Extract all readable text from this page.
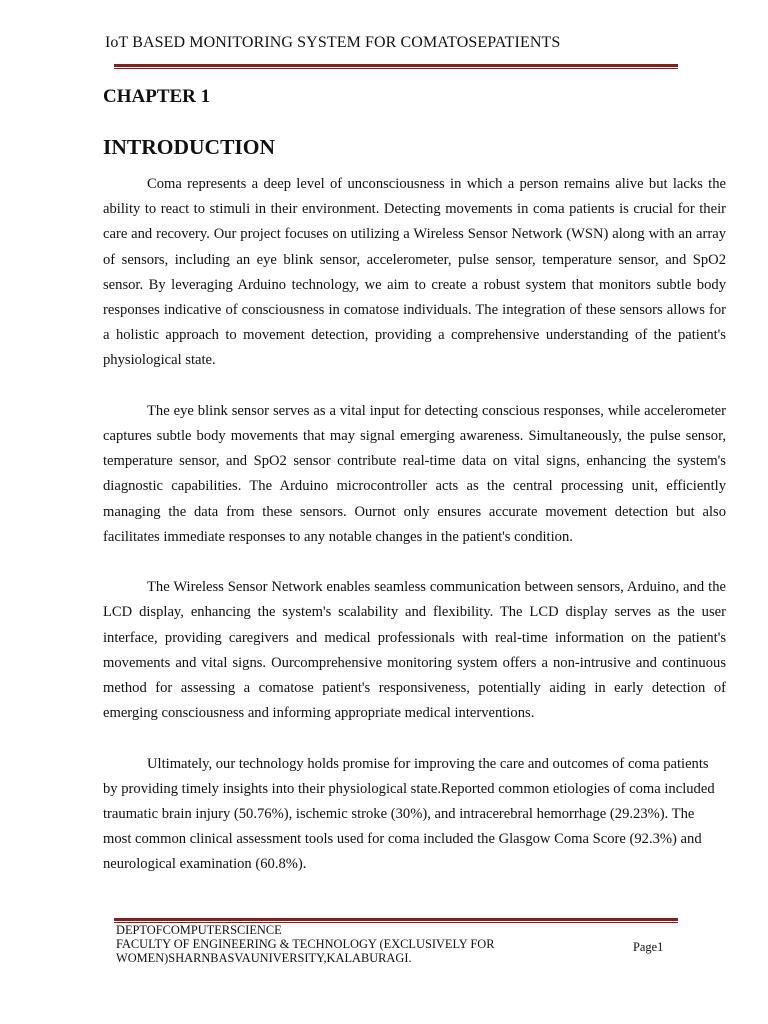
IoT BASED MONITORING SYSTEM FOR COMATOSEPATIENTS
CHAPTER 1
INTRODUCTION

Coma represents a deep level of unconsciousness in which a person remains alive but lacks the ability to react to stimuli in their environment. Detecting movements in coma patients is crucial for their care and recovery. Our project focuses on utilizing a Wireless Sensor Network (WSN) along with an array of sensors, including an eye blink sensor, accelerometer, pulse sensor, temperature sensor, and SpO2 sensor. By leveraging Arduino technology, we aim to create a robust system that monitors subtle body responses indicative of consciousness in comatose individuals. The integration of these sensors allows for a holistic approach to movement detection, providing a comprehensive understanding of the patient's physiological state.

The eye blink sensor serves as a vital input for detecting conscious responses, while accelerometer captures subtle body movements that may signal emerging awareness. Simultaneously, the pulse sensor, temperature sensor, and SpO2 sensor contribute real-time data on vital signs, enhancing the system's diagnostic capabilities. The Arduino microcontroller acts as the central processing unit, efficiently managing the data from these sensors. Ournot only ensures accurate movement detection but also facilitates immediate responses to any notable changes in the patient's condition.

The Wireless Sensor Network enables seamless communication between sensors, Arduino, and the LCD display, enhancing the system's scalability and flexibility. The LCD display serves as the user interface, providing caregivers and medical professionals with real-time information on the patient's movements and vital signs. Ourcomprehensive monitoring system offers a non-intrusive and continuous method for assessing a comatose patient's responsiveness, potentially aiding in early detection of emerging consciousness and informing appropriate medical interventions.

Ultimately, our technology holds promise for improving the care and outcomes of coma patients by providing timely insights into their physiological state.Reported common etiologies of coma included traumatic brain injury (50.76%), ischemic stroke (30%), and intracerebral hemorrhage (29.23%). The most common clinical assessment tools used for coma included the Glasgow Coma Score (92.3%) and neurological examination (60.8%).

DEPTOFCOMPUTERSCIENCE
FACULTY OF ENGINEERING & TECHNOLOGY (EXCLUSIVELY FOR
WOMEN)SHARNBASVAUNIVERSITY,KALABURAGI.
Page1
